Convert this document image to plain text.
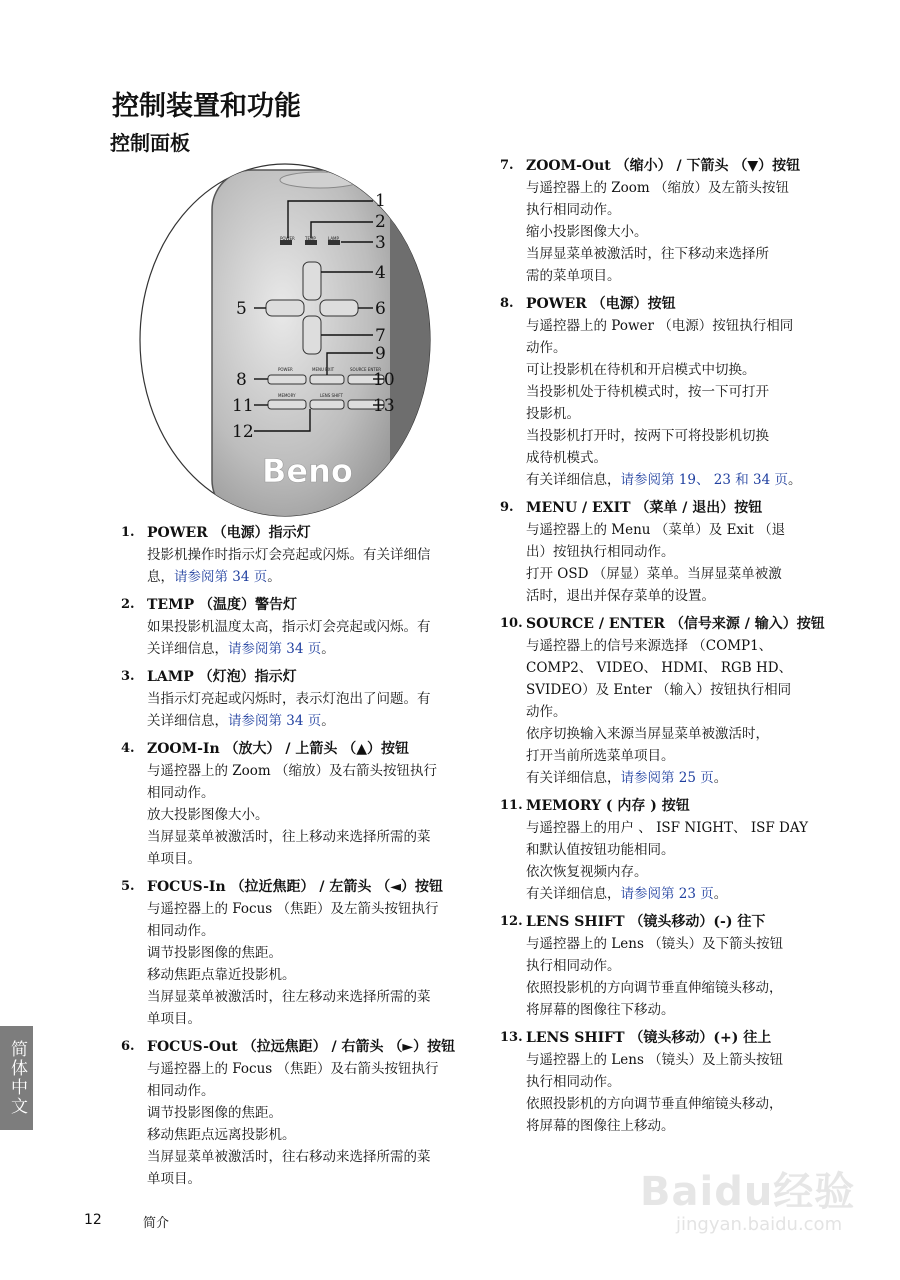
控制装置和功能
控制面板
POWER	TEMP	LAMP
POWER	MENU EXIT	SOURCE ENTER
MEMORY	LENS SHIFT
Beno
1
2
3
4
5	6
7
9
8	10
11	13
12
1. POWER （电源）指示灯
投影机操作时指示灯会亮起或闪烁。有关详细信
息，请参阅第 34 页。
2. TEMP （温度）警告灯
如果投影机温度太高，指示灯会亮起或闪烁。有
关详细信息，请参阅第 34 页。
3. LAMP （灯泡）指示灯
当指示灯亮起或闪烁时，表示灯泡出了问题。有
关详细信息，请参阅第 34 页。
4. ZOOM-In （放大） / 上箭头 （▲）按钮
与遥控器上的 Zoom （缩放）及右箭头按钮执行
相同动作。
放大投影图像大小。
当屏显菜单被激活时，往上移动来选择所需的菜
单项目。
5. FOCUS-In （拉近焦距） / 左箭头 （◄）按钮
与遥控器上的 Focus （焦距）及左箭头按钮执行
相同动作。
调节投影图像的焦距。
移动焦距点靠近投影机。
当屏显菜单被激活时，往左移动来选择所需的菜
单项目。
6. FOCUS-Out （拉远焦距） / 右箭头 （►）按钮
与遥控器上的 Focus （焦距）及右箭头按钮执行
相同动作。
调节投影图像的焦距。
移动焦距点远离投影机。
当屏显菜单被激活时，往右移动来选择所需的菜
单项目。
7. ZOOM-Out （缩小） / 下箭头 （▼）按钮
与遥控器上的 Zoom （缩放）及左箭头按钮
执行相同动作。
缩小投影图像大小。
当屏显菜单被激活时，往下移动来选择所
需的菜单项目。
8. POWER （电源）按钮
与遥控器上的 Power （电源）按钮执行相同
动作。
可让投影机在待机和开启模式中切换。
当投影机处于待机模式时，按一下可打开
投影机。
当投影机打开时，按两下可将投影机切换
成待机模式。
有关详细信息，请参阅第 19、 23 和 34 页。
9. MENU / EXIT （菜单 / 退出）按钮
与遥控器上的 Menu （菜单）及 Exit （退
出）按钮执行相同动作。
打开 OSD （屏显）菜单。当屏显菜单被激
活时，退出并保存菜单的设置。
10. SOURCE / ENTER （信号来源 / 输入）按钮
与遥控器上的信号来源选择 （COMP1、
COMP2、 VIDEO、 HDMI、 RGB HD、
SVIDEO）及 Enter （输入）按钮执行相同
动作。
依序切换输入来源当屏显菜单被激活时，
打开当前所选菜单项目。
有关详细信息，请参阅第 25 页。
11. MEMORY ( 内存 ) 按钮
与遥控器上的用户 、 ISF NIGHT、 ISF DAY
和默认值按钮功能相同。
依次恢复视频内存。
有关详细信息，请参阅第 23 页。
12. LENS SHIFT （镜头移动）(-) 往下
与遥控器上的 Lens （镜头）及下箭头按钮
执行相同动作。
依照投影机的方向调节垂直伸缩镜头移动，
将屏幕的图像往下移动。
13. LENS SHIFT （镜头移动）(+) 往上
与遥控器上的 Lens （镜头）及上箭头按钮
执行相同动作。
依照投影机的方向调节垂直伸缩镜头移动，
将屏幕的图像往上移动。
简体中文
12	简介
Baidu经验
jingyan.baidu.com
